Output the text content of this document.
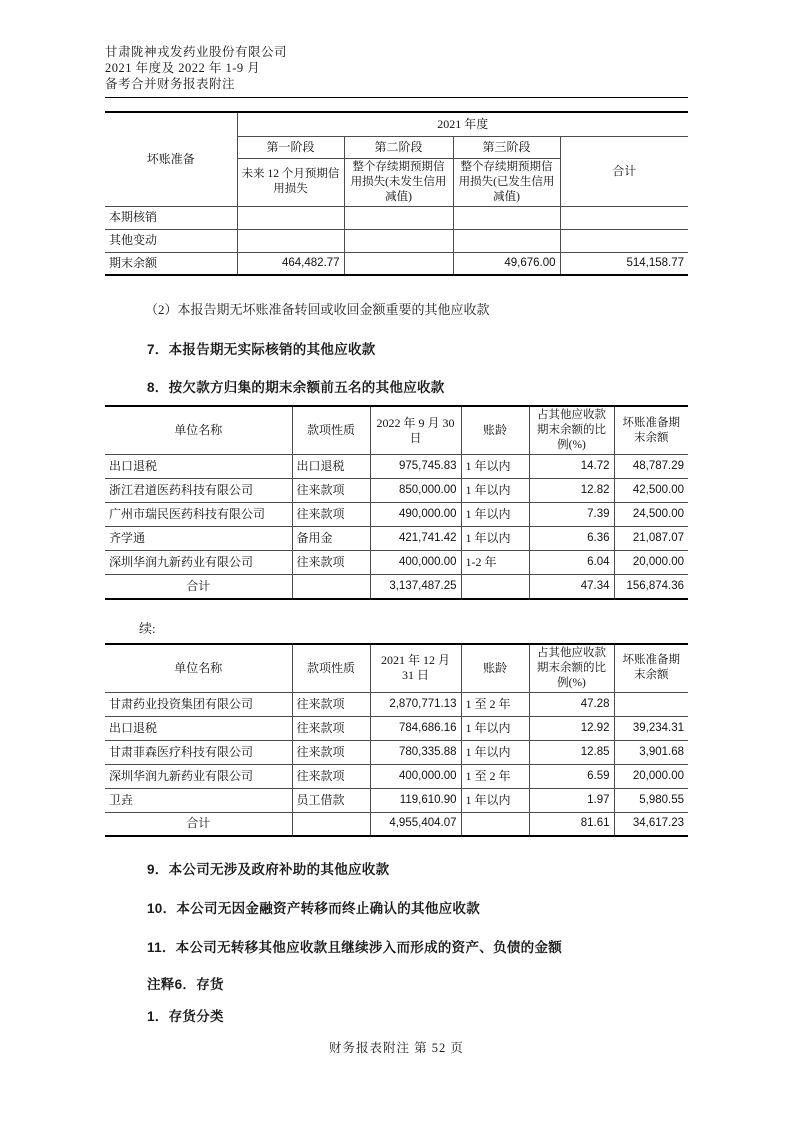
甘肃陇神戎发药业股份有限公司
2021 年度及 2022 年 1-9 月
备考合并财务报表附注
坏账准备	2021 年度			
	第一阶段	第二阶段	第三阶段	合计
	未来 12 个月预期信用损失	整个存续期预期信用损失(未发生信用减值)	整个存续期预期信用损失(已发生信用减值)	
本期核销				
其他变动				
期末余额	464,482.77		49,676.00	514,158.77

（2）本报告期无坏账准备转回或收回金额重要的其他应收款

7．本报告期无实际核销的其他应收款

8．按欠款方归集的期末余额前五名的其他应收款

单位名称	款项性质	2022 年 9 月 30 日	账龄	占其他应收款期末余额的比例(%)	坏账准备期末余额
出口退税	出口退税	975,745.83	1 年以内	14.72	48,787.29
浙江君道医药科技有限公司	往来款项	850,000.00	1 年以内	12.82	42,500.00
广州市瑞民医药科技有限公司	往来款项	490,000.00	1 年以内	7.39	24,500.00
齐学通	备用金	421,741.42	1 年以内	6.36	21,087.07
深圳华润九新药业有限公司	往来款项	400,000.00	1-2 年	6.04	20,000.00
合计		3,137,487.25		47.34	156,874.36

续:

单位名称	款项性质	2021 年 12 月 31 日	账龄	占其他应收款期末余额的比例(%)	坏账准备期末余额
甘肃药业投资集团有限公司	往来款项	2,870,771.13	1 至 2 年	47.28	
出口退税	往来款项	784,686.16	1 年以内	12.92	39,234.31
甘肃菲森医疗科技有限公司	往来款项	780,335.88	1 年以内	12.85	3,901.68
深圳华润九新药业有限公司	往来款项	400,000.00	1 至 2 年	6.59	20,000.00
卫垚	员工借款	119,610.90	1 年以内	1.97	5,980.55
合计		4,955,404.07		81.61	34,617.23

9．本公司无涉及政府补助的其他应收款

10．本公司无因金融资产转移而终止确认的其他应收款

11．本公司无转移其他应收款且继续涉入而形成的资产、负债的金额

注释6．存货

1．存货分类

财务报表附注 第 52 页
